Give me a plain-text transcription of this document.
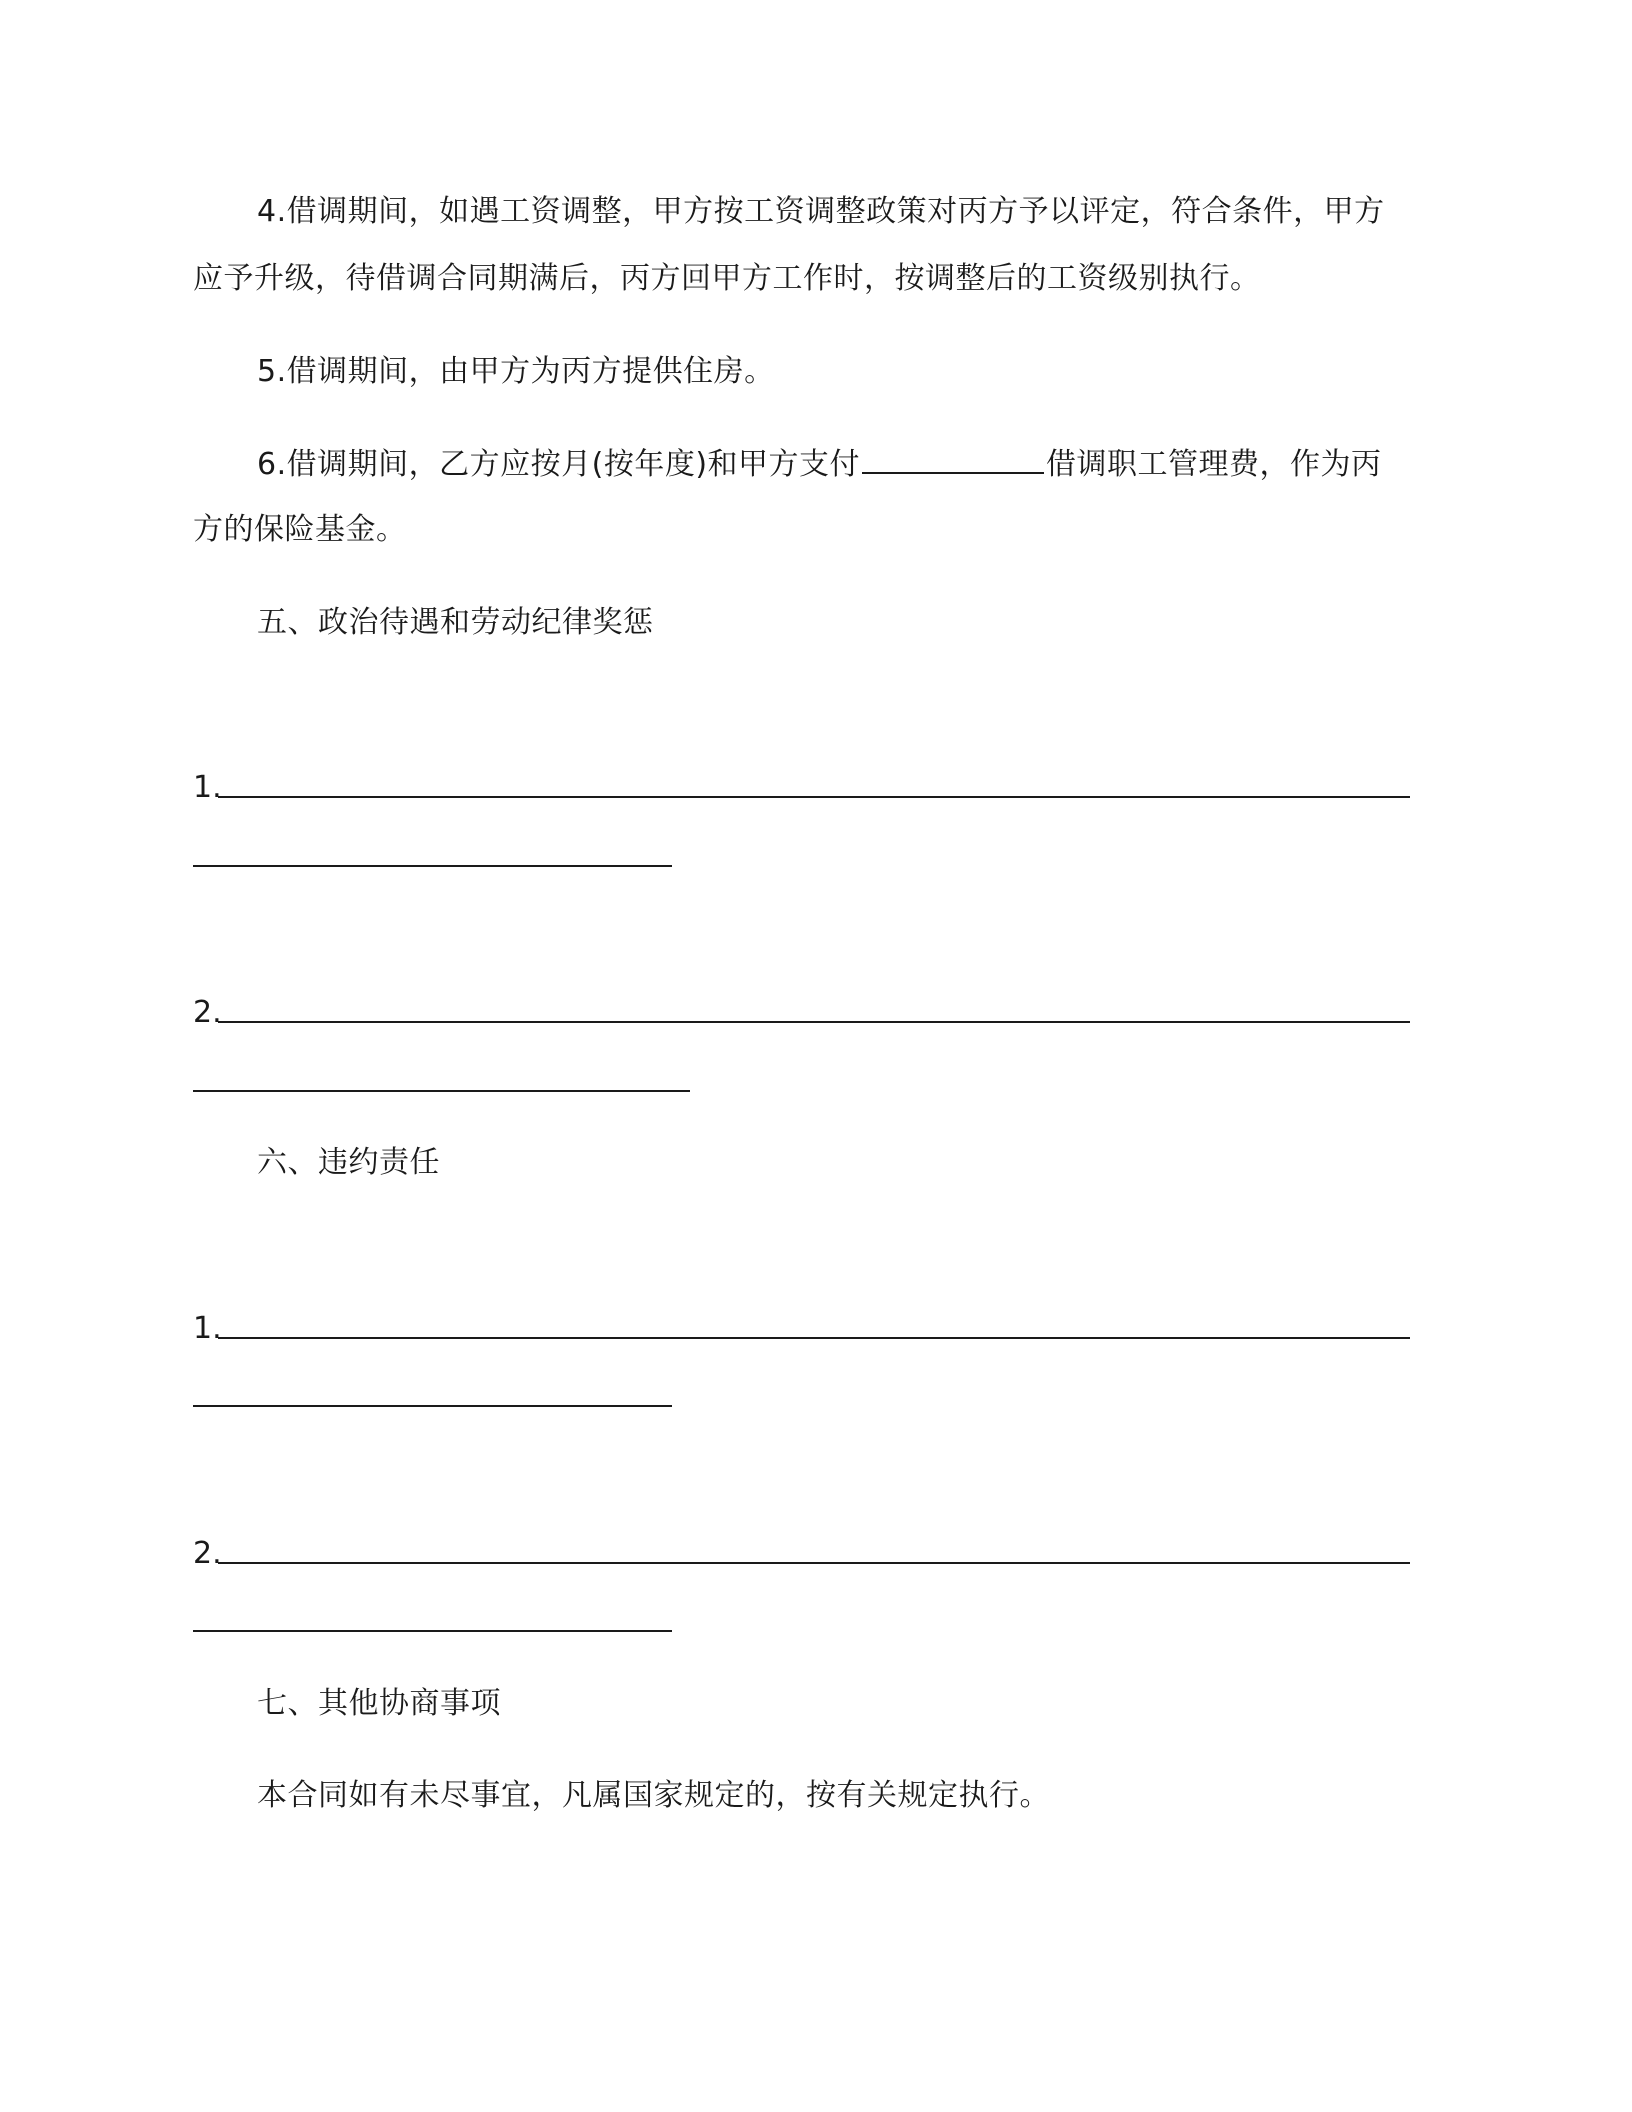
4.借调期间，如遇工资调整，甲方按工资调整政策对丙方予以评定，符合条件，甲方
应予升级，待借调合同期满后，丙方回甲方工作时，按调整后的工资级别执行。
5.借调期间，由甲方为丙方提供住房。
6.借调期间，乙方应按月(按年度)和甲方支付	借调职工管理费，作为丙
方的保险基金。
五、政治待遇和劳动纪律奖惩
1.
2.
六、违约责任
1.
2.
七、其他协商事项
本合同如有未尽事宜，凡属国家规定的，按有关规定执行。
